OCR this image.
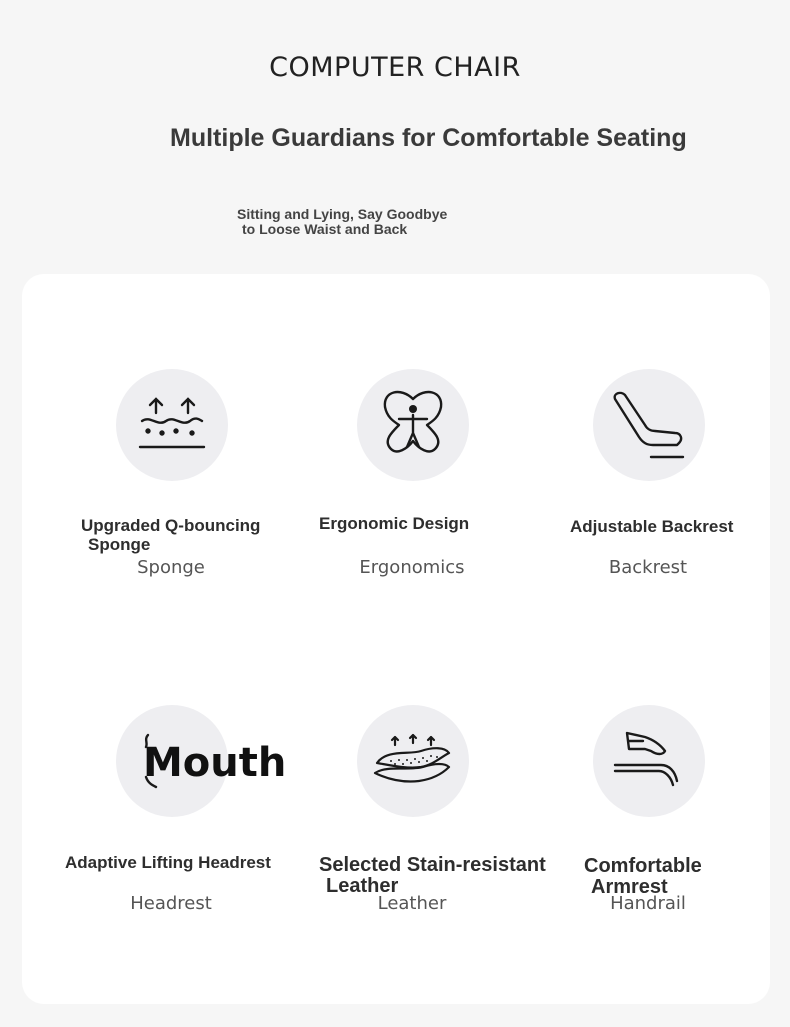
COMPUTER CHAIR
Multiple Guardians for Comfortable Seating
Sitting and Lying, Say Goodbye
to Loose Waist and Back
Upgraded Q-bouncing
Sponge
Sponge
Ergonomic Design
Ergonomics
Adjustable Backrest
Backrest
Mouth
Adaptive Lifting Headrest
Headrest
Selected Stain-resistant
Leather
Leather
Comfortable
Armrest
Handrail
